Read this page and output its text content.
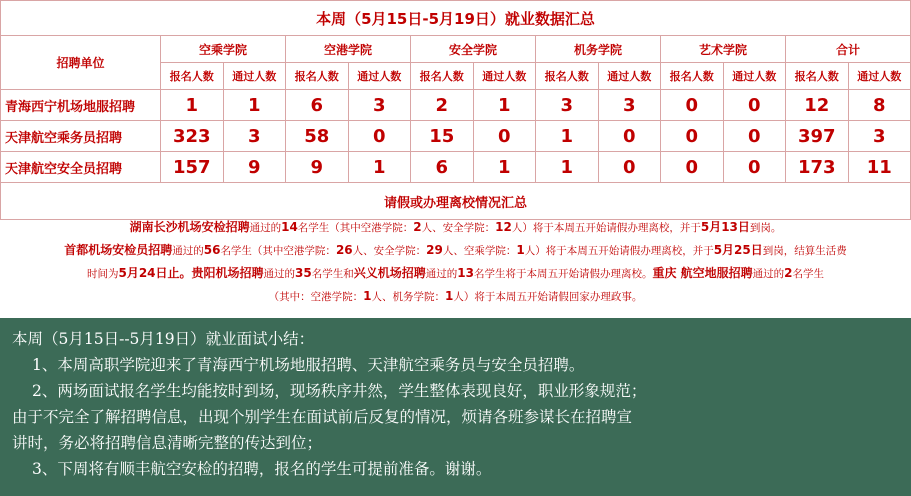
本周（5月15日-5月19日）就业数据汇总												
招聘单位	空乘学院		空港学院		安全学院		机务学院		艺术学院		合计	
	报名人数	通过人数	报名人数	通过人数	报名人数	通过人数	报名人数	通过人数	报名人数	通过人数	报名人数	通过人数
青海西宁机场地服招聘	1	1	6	3	2	1	3	3	0	0	12	8
天津航空乘务员招聘	323	3	58	0	15	0	1	0	0	0	397	3
天津航空安全员招聘	157	9	9	1	6	1	1	0	0	0	173	11
请假或办理离校情况汇总												
湖南长沙机场安检招聘通过的14名学生（其中空港学院：2人、安全学院：12人）将于本周五开始请假办理离校，并于5月13日到岗。
首都机场安检员招聘通过的56名学生（其中空港学院：26人、安全学院：29人、空乘学院：1人）将于本周五开始请假办理离校，并于5月25日到岗，结算生活费
时间为5月24日止。贵阳机场招聘通过的35名学生和兴义机场招聘通过的13名学生将于本周五开始请假办理离校。重庆 航空地服招聘通过的2名学生
（其中：空港学院：1人、机务学院：1人）将于本周五开始请假回家办理政事。

本周（5月15日--5月19日）就业面试小结：

1、本周高职学院迎来了青海西宁机场地服招聘、天津航空乘务员与安全员招聘。

2、两场面试报名学生均能按时到场，现场秩序井然，学生整体表现良好，职业形象规范；

由于不完全了解招聘信息，出现个别学生在面试前后反复的情况，烦请各班参谋长在招聘宣

讲时，务必将招聘信息清晰完整的传达到位；

3、下周将有顺丰航空安检的招聘，报名的学生可提前准备。谢谢。
